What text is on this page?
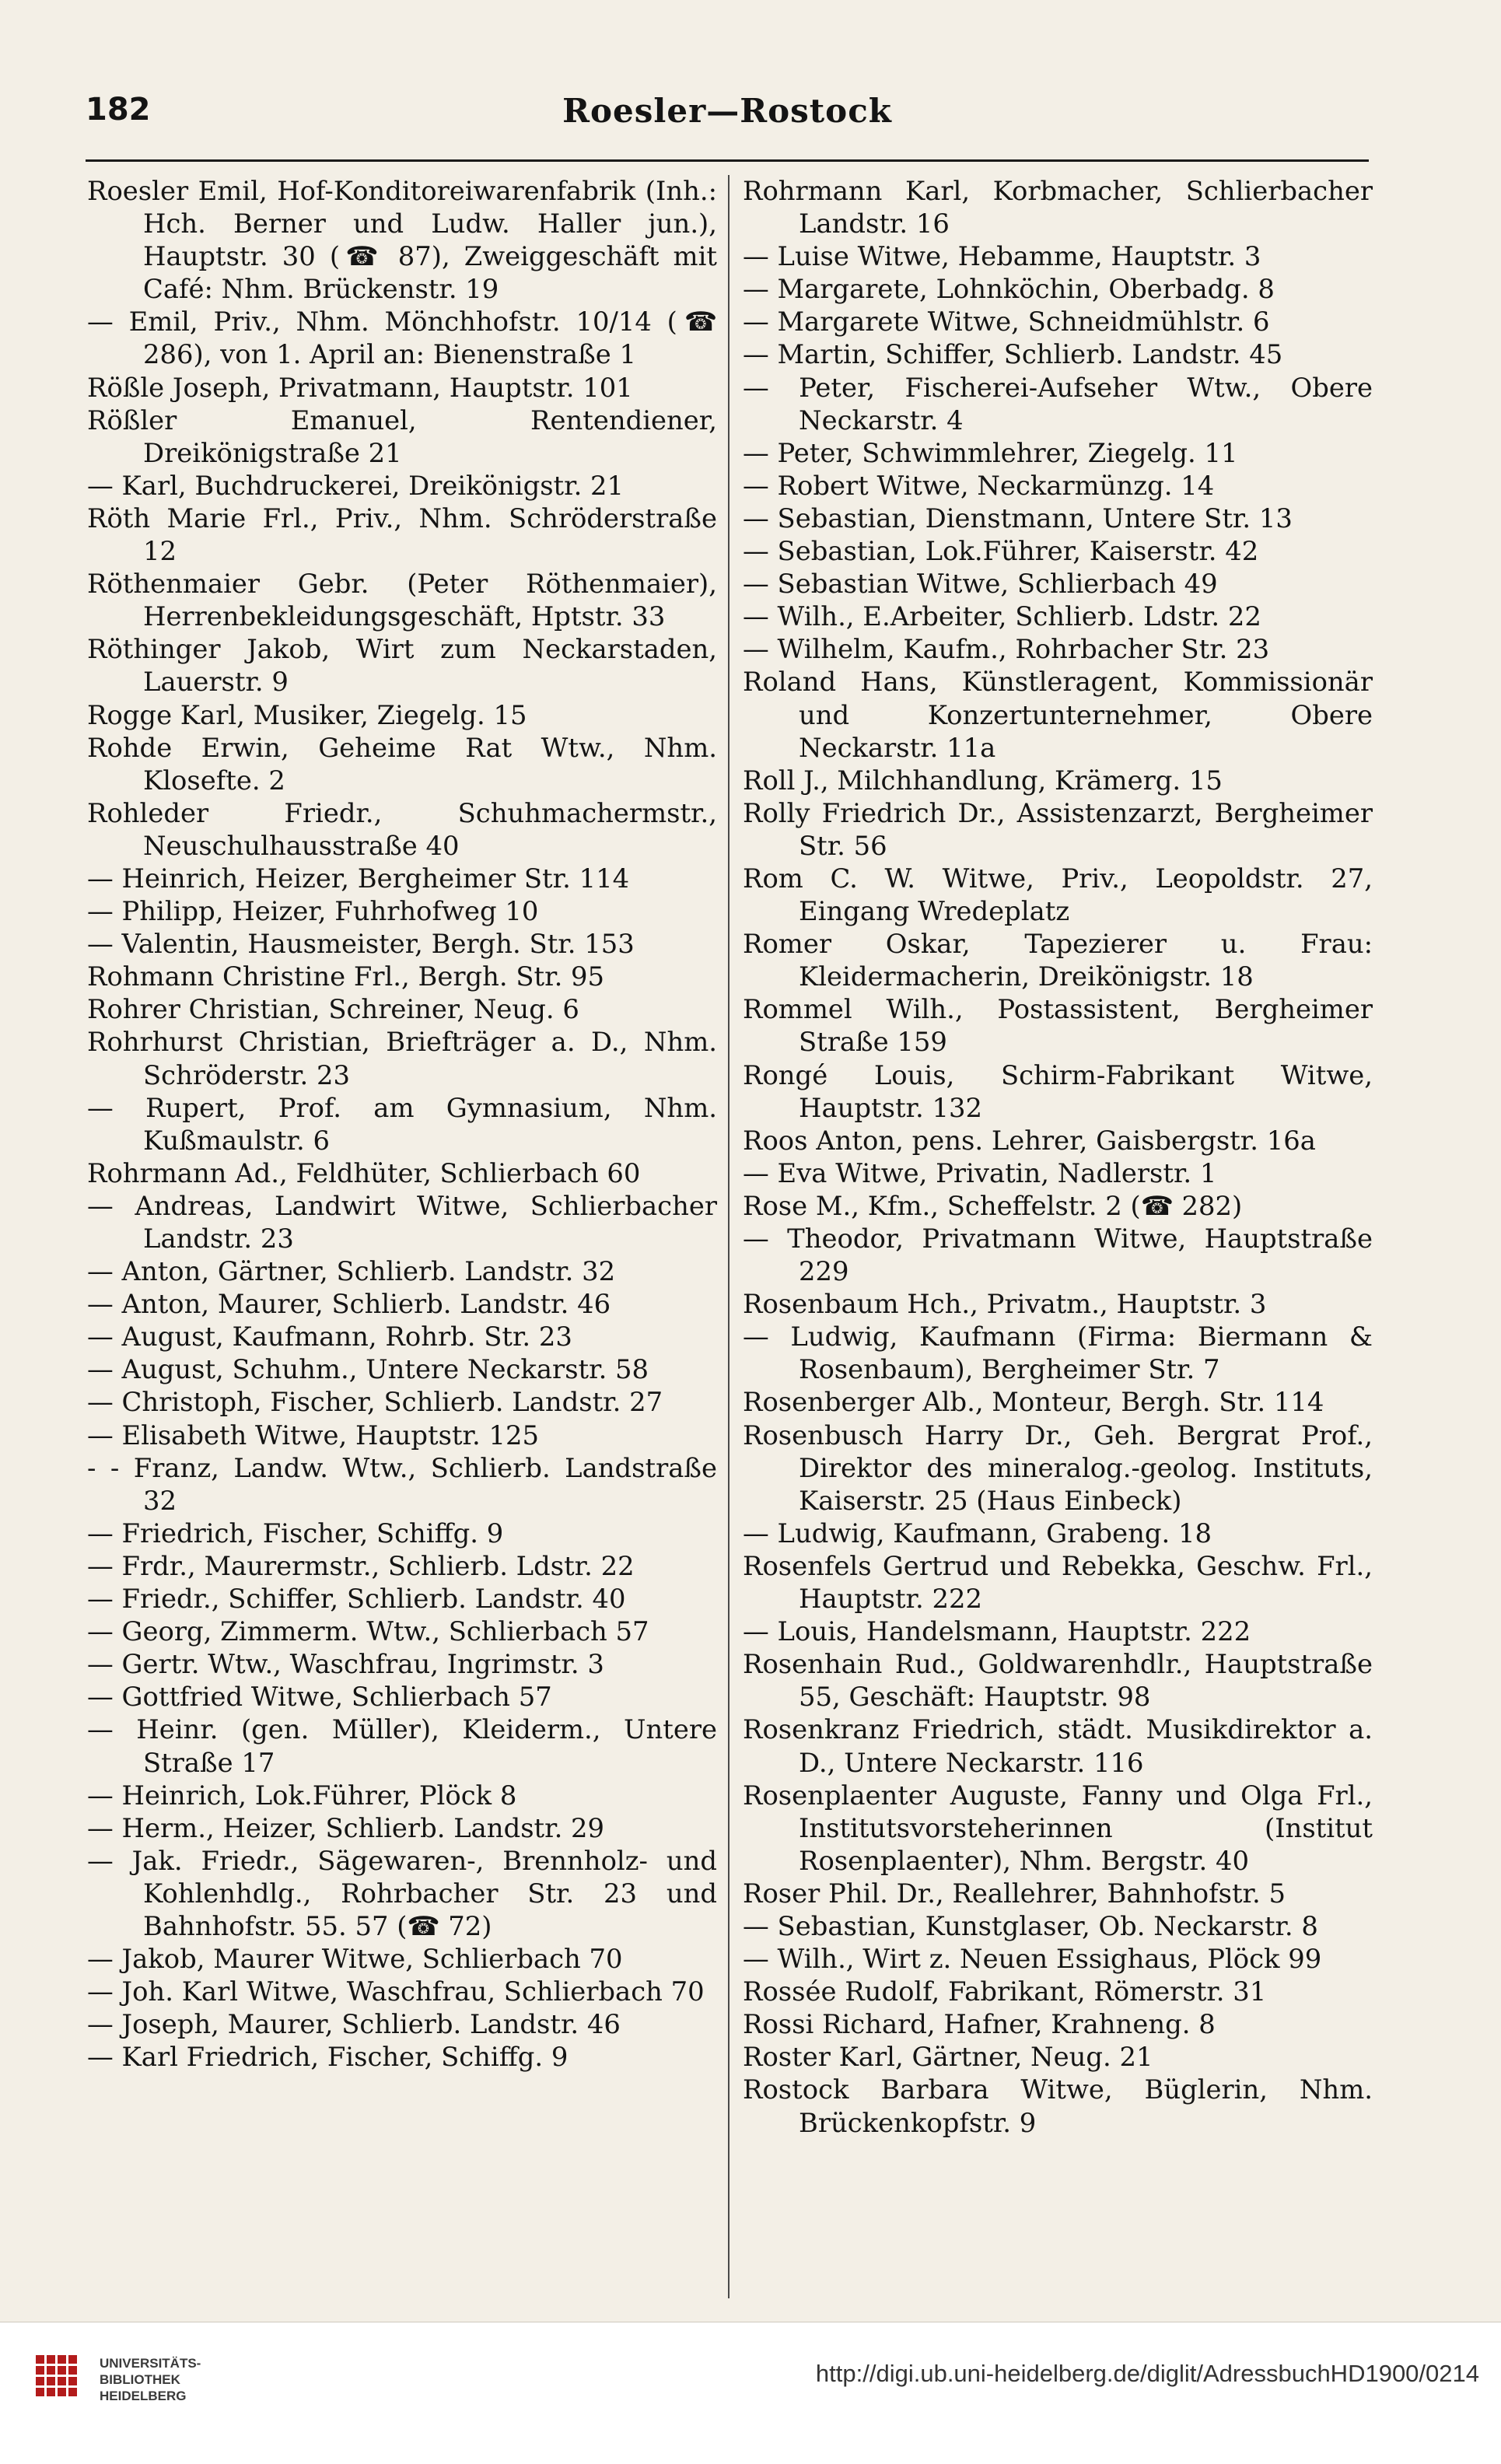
182	Roesler—Rostock
Roesler Emil, Hof-Konditoreiwarenfabrik (Inh.: Hch. Berner und Ludw. Haller jun.), Hauptstr. 30 (☎ 87), Zweiggeschäft mit Café: Nhm. Brückenstr. 19
— Emil, Priv., Nhm. Mönchhofstr. 10/14 (☎ 286), von 1. April an: Bienenstraße 1
Rößle Joseph, Privatmann, Hauptstr. 101
Rößler Emanuel, Rentendiener, Dreikönigstraße 21
— Karl, Buchdruckerei, Dreikönigstr. 21
Röth Marie Frl., Priv., Nhm. Schröderstraße 12
Röthenmaier Gebr. (Peter Röthenmaier), Herrenbekleidungsgeschäft, Hptstr. 33
Röthinger Jakob, Wirt zum Neckarstaden, Lauerstr. 9
Rogge Karl, Musiker, Ziegelg. 15
Rohde Erwin, Geheime Rat Wtw., Nhm. Klosefte. 2
Rohleder Friedr., Schuhmachermstr., Neuschulhausstraße 40
— Heinrich, Heizer, Bergheimer Str. 114
— Philipp, Heizer, Fuhrhofweg 10
— Valentin, Hausmeister, Bergh. Str. 153
Rohmann Christine Frl., Bergh. Str. 95
Rohrer Christian, Schreiner, Neug. 6
Rohrhurst Christian, Briefträger a. D., Nhm. Schröderstr. 23
— Rupert, Prof. am Gymnasium, Nhm. Kußmaulstr. 6
Rohrmann Ad., Feldhüter, Schlierbach 60
— Andreas, Landwirt Witwe, Schlierbacher Landstr. 23
— Anton, Gärtner, Schlierb. Landstr. 32
— Anton, Maurer, Schlierb. Landstr. 46
— August, Kaufmann, Rohrb. Str. 23
— August, Schuhm., Untere Neckarstr. 58
— Christoph, Fischer, Schlierb. Landstr. 27
— Elisabeth Witwe, Hauptstr. 125
- - Franz, Landw. Wtw., Schlierb. Landstraße 32
— Friedrich, Fischer, Schiffg. 9
— Frdr., Maurermstr., Schlierb. Ldstr. 22
— Friedr., Schiffer, Schlierb. Landstr. 40
— Georg, Zimmerm. Wtw., Schlierbach 57
— Gertr. Wtw., Waschfrau, Ingrimstr. 3
— Gottfried Witwe, Schlierbach 57
— Heinr. (gen. Müller), Kleiderm., Untere Straße 17
— Heinrich, Lok.Führer, Plöck 8
— Herm., Heizer, Schlierb. Landstr. 29
— Jak. Friedr., Sägewaren-, Brennholz- und Kohlenhdlg., Rohrbacher Str. 23 und Bahnhofstr. 55. 57 (☎ 72)
— Jakob, Maurer Witwe, Schlierbach 70
— Joh. Karl Witwe, Waschfrau, Schlierbach 70
— Joseph, Maurer, Schlierb. Landstr. 46
— Karl Friedrich, Fischer, Schiffg. 9
Rohrmann Karl, Korbmacher, Schlierbacher Landstr. 16
— Luise Witwe, Hebamme, Hauptstr. 3
— Margarete, Lohnköchin, Oberbadg. 8
— Margarete Witwe, Schneidmühlstr. 6
— Martin, Schiffer, Schlierb. Landstr. 45
— Peter, Fischerei-Aufseher Wtw., Obere Neckarstr. 4
— Peter, Schwimmlehrer, Ziegelg. 11
— Robert Witwe, Neckarmünzg. 14
— Sebastian, Dienstmann, Untere Str. 13
— Sebastian, Lok.Führer, Kaiserstr. 42
— Sebastian Witwe, Schlierbach 49
— Wilh., E.Arbeiter, Schlierb. Ldstr. 22
— Wilhelm, Kaufm., Rohrbacher Str. 23
Roland Hans, Künstleragent, Kommissionär und Konzertunternehmer, Obere Neckarstr. 11a
Roll J., Milchhandlung, Krämerg. 15
Rolly Friedrich Dr., Assistenzarzt, Bergheimer Str. 56
Rom C. W. Witwe, Priv., Leopoldstr. 27, Eingang Wredeplatz
Romer Oskar, Tapezierer u. Frau: Kleidermacherin, Dreikönigstr. 18
Rommel Wilh., Postassistent, Bergheimer Straße 159
Rongé Louis, Schirm-Fabrikant Witwe, Hauptstr. 132
Roos Anton, pens. Lehrer, Gaisbergstr. 16a
— Eva Witwe, Privatin, Nadlerstr. 1
Rose M., Kfm., Scheffelstr. 2 (☎ 282)
— Theodor, Privatmann Witwe, Hauptstraße 229
Rosenbaum Hch., Privatm., Hauptstr. 3
— Ludwig, Kaufmann (Firma: Biermann & Rosenbaum), Bergheimer Str. 7
Rosenberger Alb., Monteur, Bergh. Str. 114
Rosenbusch Harry Dr., Geh. Bergrat Prof., Direktor des mineralog.-geolog. Instituts, Kaiserstr. 25 (Haus Einbeck)
— Ludwig, Kaufmann, Grabeng. 18
Rosenfels Gertrud und Rebekka, Geschw. Frl., Hauptstr. 222
— Louis, Handelsmann, Hauptstr. 222
Rosenhain Rud., Goldwarenhdlr., Hauptstraße 55, Geschäft: Hauptstr. 98
Rosenkranz Friedrich, städt. Musikdirektor a. D., Untere Neckarstr. 116
Rosenplaenter Auguste, Fanny und Olga Frl., Institutsvorsteherinnen (Institut Rosenplaenter), Nhm. Bergstr. 40
Roser Phil. Dr., Reallehrer, Bahnhofstr. 5
— Sebastian, Kunstglaser, Ob. Neckarstr. 8
— Wilh., Wirt z. Neuen Essighaus, Plöck 99
Rossée Rudolf, Fabrikant, Römerstr. 31
Rossi Richard, Hafner, Krahneng. 8
Roster Karl, Gärtner, Neug. 21
Rostock Barbara Witwe, Büglerin, Nhm. Brückenkopfstr. 9
UNIVERSITÄTS-
BIBLIOTHEK
HEIDELBERG
http://digi.ub.uni-heidelberg.de/diglit/AdressbuchHD1900/0214
